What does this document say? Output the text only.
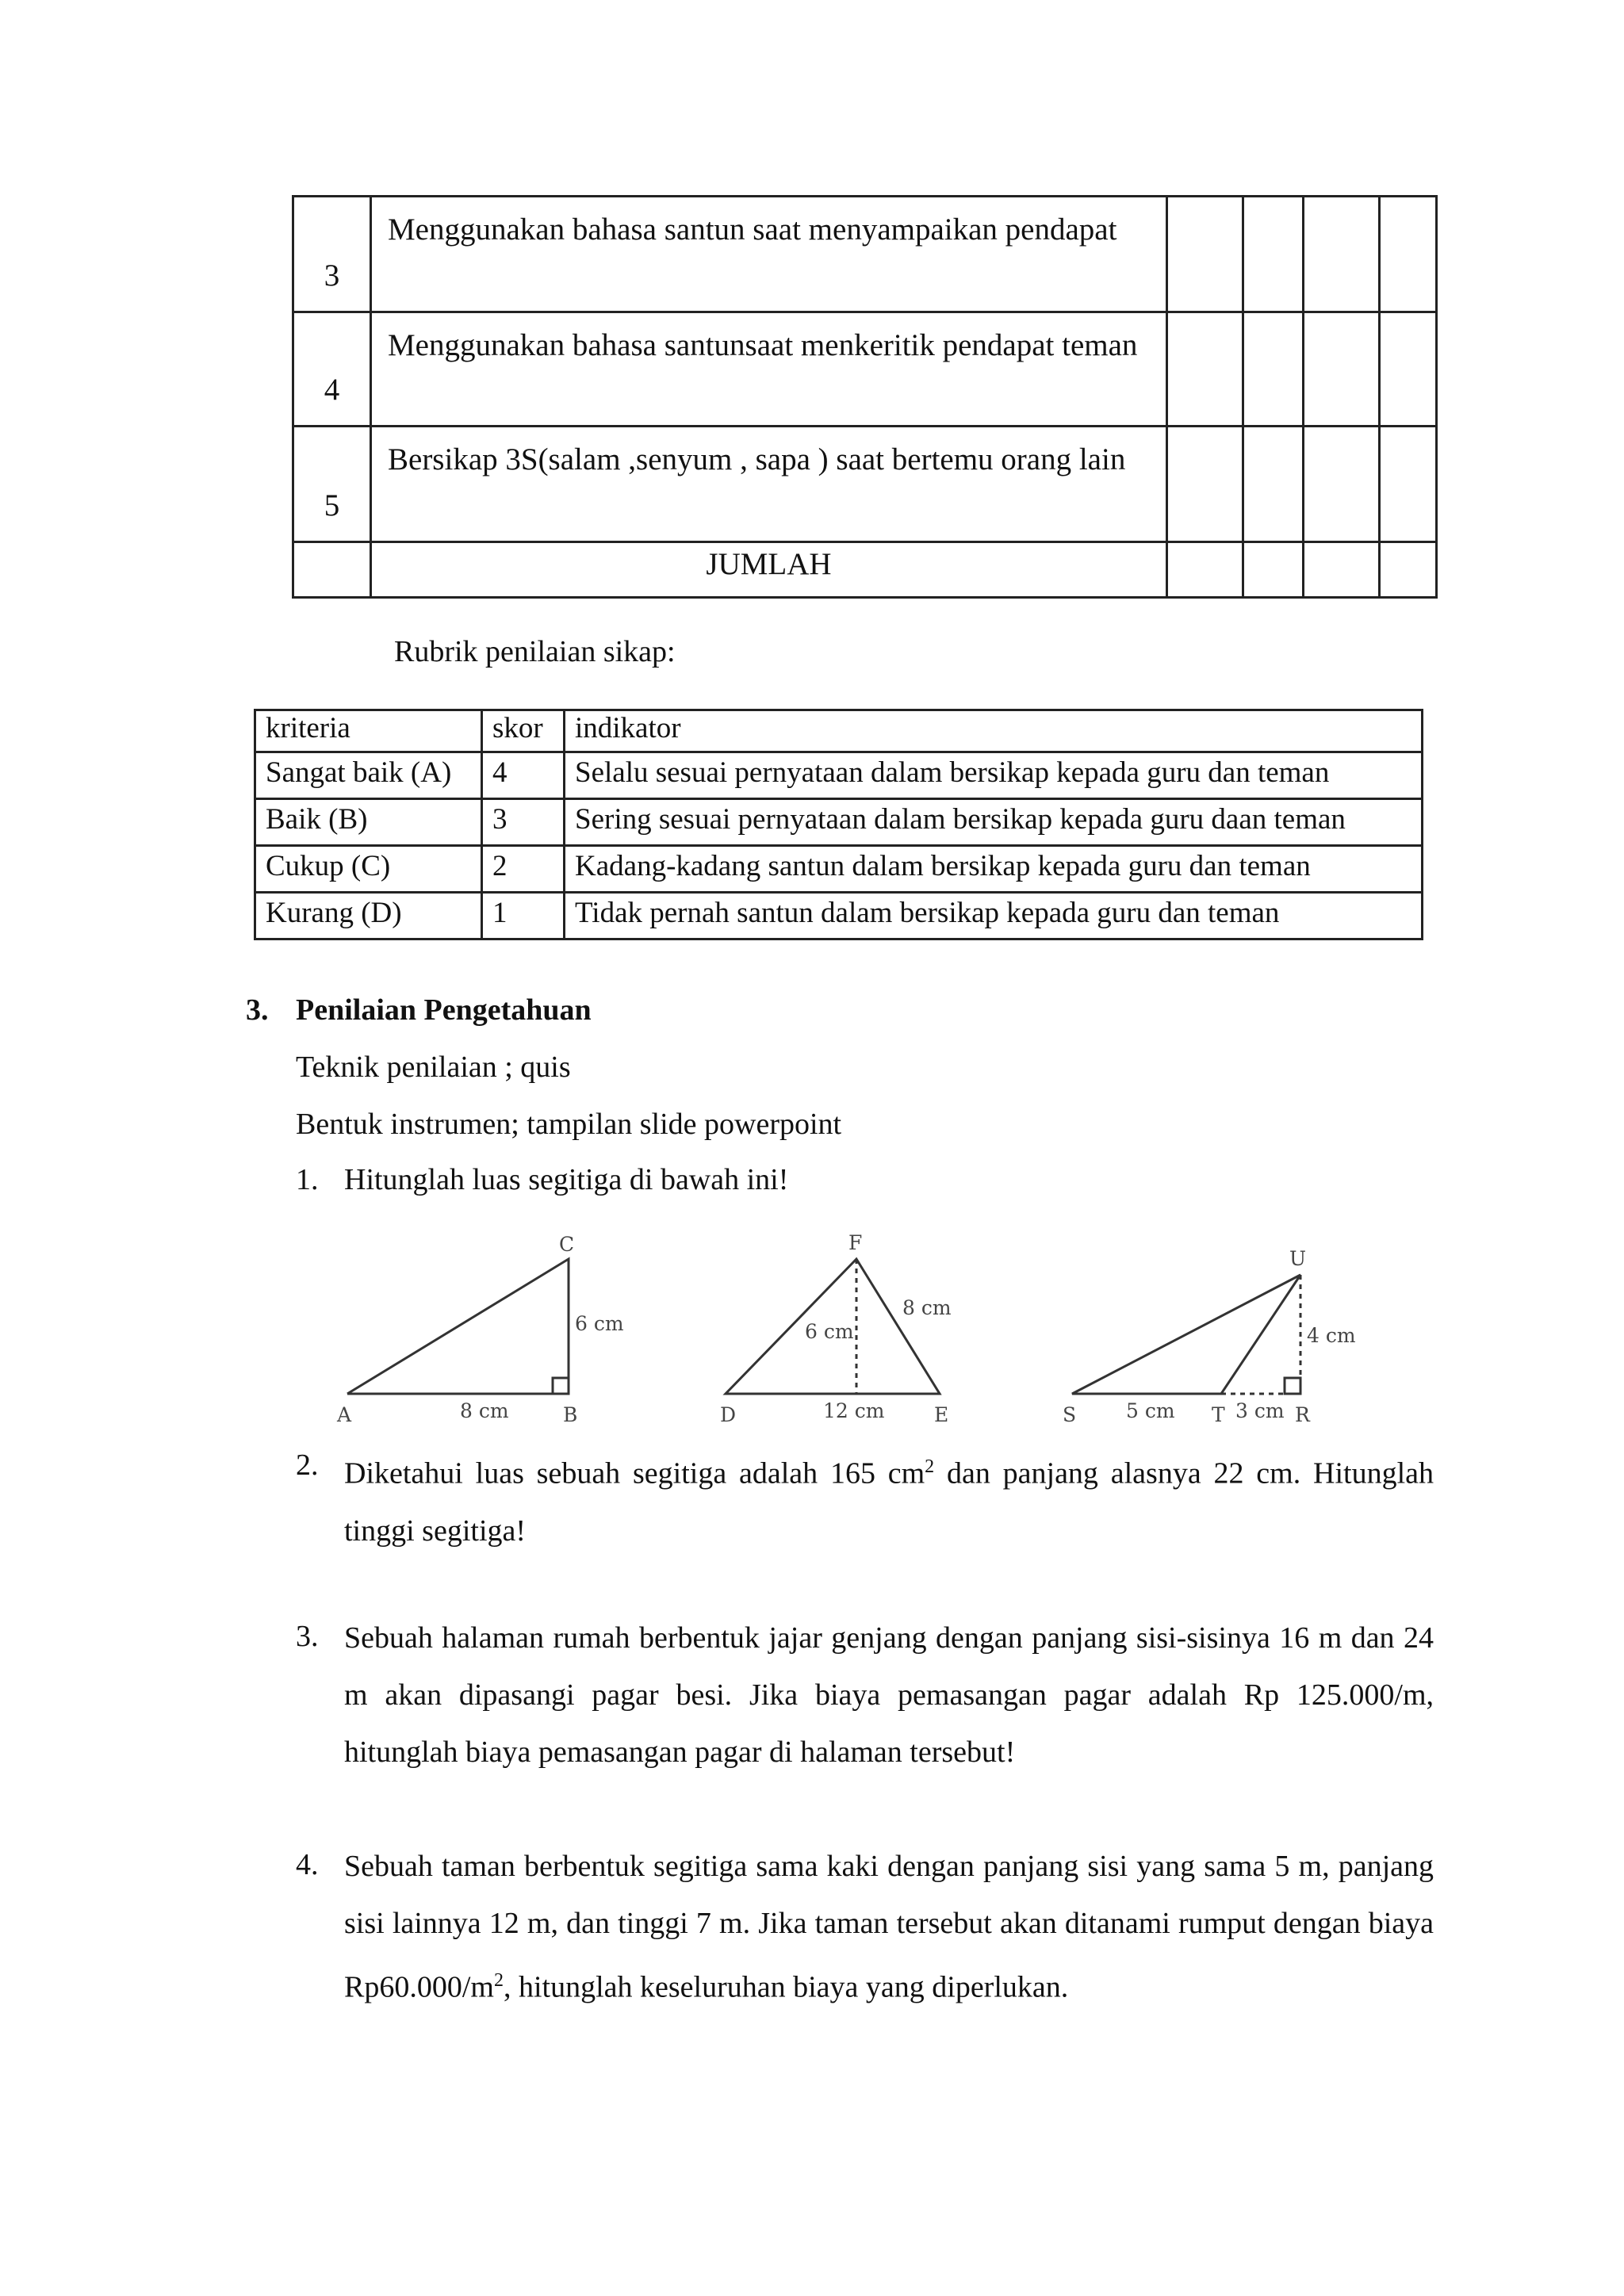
3	Menggunakan bahasa santun saat menyampaikan pendapat				
4	Menggunakan bahasa santunsaat menkeritik pendapat teman				
5	Bersikap 3S(salam ,senyum , sapa ) saat bertemu orang lain				
	JUMLAH				
Rubrik penilaian sikap:
kriteria	skor	indikator
Sangat baik (A)	4	Selalu sesuai pernyataan dalam bersikap kepada guru dan teman
Baik (B)	3	Sering sesuai pernyataan dalam bersikap kepada guru daan teman
Cukup (C)	2	Kadang-kadang santun dalam bersikap kepada guru dan teman
Kurang (D)	1	Tidak pernah santun dalam bersikap kepada guru dan teman
3. Penilaian Pengetahuan
Teknik penilaian ; quis
Bentuk instrumen; tampilan slide powerpoint
1. Hitunglah luas segitiga di bawah ini!
A	B
C
8 cm
6 cm
D	E
F
12 cm
6 cm
8 cm
S	T	R
U
5 cm	3 cm
4 cm
2. Diketahui luas sebuah segitiga adalah 165 $cm^2$ dan panjang alasnya 22 cm. Hitunglah tinggi segitiga!
3. Sebuah halaman rumah berbentuk jajar genjang dengan panjang sisi-sisinya 16 m dan 24 m akan dipasangi pagar besi. Jika biaya pemasangan pagar adalah Rp 125.000/m, hitunglah biaya pemasangan pagar di halaman tersebut!
4. Sebuah taman berbentuk segitiga sama kaki dengan panjang sisi yang sama 5 m, panjang sisi lainnya 12 m, dan tinggi 7 m. Jika taman tersebut akan ditanami rumput dengan biaya $Rp60.000/m^2$, hitunglah keseluruhan biaya yang diperlukan.
